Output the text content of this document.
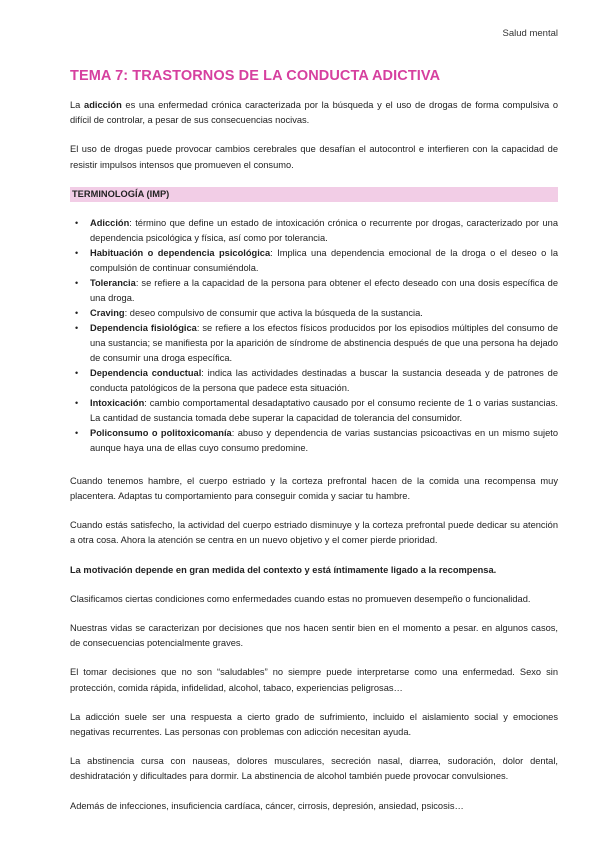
Salud mental
TEMA 7: TRASTORNOS DE LA CONDUCTA ADICTIVA

La adicción es una enfermedad crónica caracterizada por la búsqueda y el uso de drogas de forma compulsiva o difícil de controlar, a pesar de sus consecuencias nocivas.

El uso de drogas puede provocar cambios cerebrales que desafían el autocontrol e interfieren con la capacidad de resistir impulsos intensos que promueven el consumo.

TERMINOLOGÍA (IMP)
• Adicción: término que define un estado de intoxicación crónica o recurrente por drogas, caracterizado por una dependencia psicológica y física, así como por tolerancia.
• Habituación o dependencia psicológica: Implica una dependencia emocional de la droga o el deseo o la compulsión de continuar consumiéndola.
• Tolerancia: se refiere a la capacidad de la persona para obtener el efecto deseado con una dosis específica de una droga.
• Craving: deseo compulsivo de consumir que activa la búsqueda de la sustancia.
• Dependencia fisiológica: se refiere a los efectos físicos producidos por los episodios múltiples del consumo de una sustancia; se manifiesta por la aparición de síndrome de abstinencia después de que una persona ha dejado de consumir una droga específica.
• Dependencia conductual: indica las actividades destinadas a buscar la sustancia deseada y de patrones de conducta patológicos de la persona que padece esta situación.
• Intoxicación: cambio comportamental desadaptativo causado por el consumo reciente de 1 o varias sustancias. La cantidad de sustancia tomada debe superar la capacidad de tolerancia del consumidor.
• Policonsumo o politoxicomanía: abuso y dependencia de varias sustancias psicoactivas en un mismo sujeto aunque haya una de ellas cuyo consumo predomine.

Cuando tenemos hambre, el cuerpo estriado y la corteza prefrontal hacen de la comida una recompensa muy placentera. Adaptas tu comportamiento para conseguir comida y saciar tu hambre.

Cuando estás satisfecho, la actividad del cuerpo estriado disminuye y la corteza prefrontal puede dedicar su atención a otra cosa. Ahora la atención se centra en un nuevo objetivo y el comer pierde prioridad.

La motivación depende en gran medida del contexto y está íntimamente ligado a la recompensa.

Clasificamos ciertas condiciones como enfermedades cuando estas no promueven desempeño o funcionalidad.

Nuestras vidas se caracterizan por decisiones que nos hacen sentir bien en el momento a pesar. en algunos casos, de consecuencias potencialmente graves.

El tomar decisiones que no son “saludables” no siempre puede interpretarse como una enfermedad. Sexo sin protección, comida rápida, infidelidad, alcohol, tabaco, experiencias peligrosas…

La adicción suele ser una respuesta a cierto grado de sufrimiento, incluido el aislamiento social y emociones negativas recurrentes. Las personas con problemas con adicción necesitan ayuda.

La abstinencia cursa con nauseas, dolores musculares, secreción nasal, diarrea, sudoración, dolor dental, deshidratación y dificultades para dormir. La abstinencia de alcohol también puede provocar convulsiones.

Además de infecciones, insuficiencia cardíaca, cáncer, cirrosis, depresión, ansiedad, psicosis…
